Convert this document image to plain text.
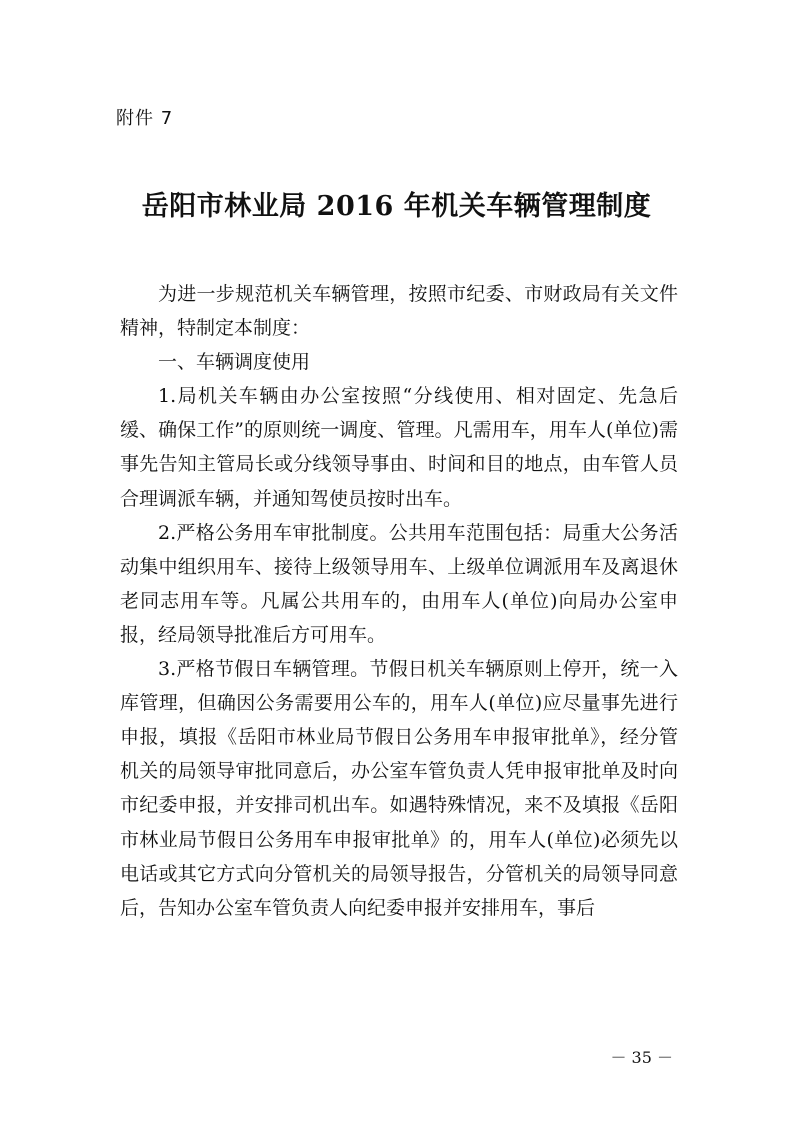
附件 7
岳阳市林业局 2016 年机关车辆管理制度

为进一步规范机关车辆管理，按照市纪委、市财政局有关文件精神，特制定本制度：

一、车辆调度使用

1.局机关车辆由办公室按照“分线使用、相对固定、先急后缓、确保工作”的原则统一调度、管理。凡需用车，用车人(单位)需事先告知主管局长或分线领导事由、时间和目的地点，由车管人员合理调派车辆，并通知驾使员按时出车。

2.严格公务用车审批制度。公共用车范围包括：局重大公务活动集中组织用车、接待上级领导用车、上级单位调派用车及离退休老同志用车等。凡属公共用车的，由用车人(单位)向局办公室申报，经局领导批准后方可用车。

3.严格节假日车辆管理。节假日机关车辆原则上停开，统一入库管理，但确因公务需要用公车的，用车人(单位)应尽量事先进行申报，填报《岳阳市林业局节假日公务用车申报审批单》，经分管机关的局领导审批同意后，办公室车管负责人凭申报审批单及时向市纪委申报，并安排司机出车。如遇特殊情况，来不及填报《岳阳市林业局节假日公务用车申报审批单》的，用车人(单位)必须先以电话或其它方式向分管机关的局领导报告，分管机关的局领导同意后，告知办公室车管负责人向纪委申报并安排用车，事后

－ 35 －
